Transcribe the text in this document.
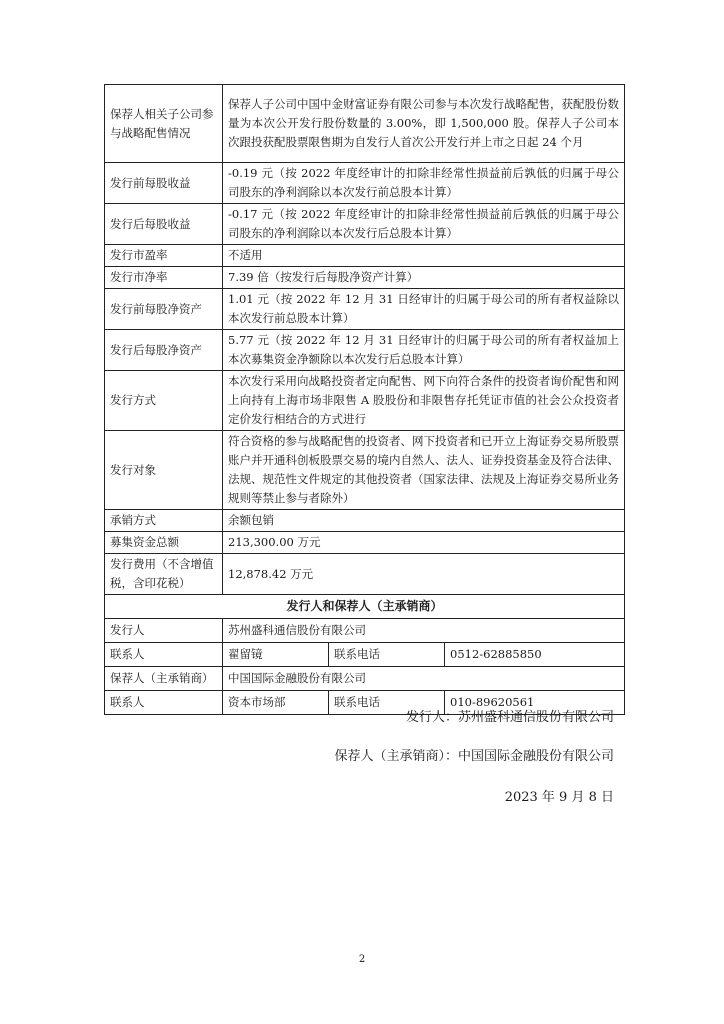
保荐人相关子公司参与战略配售情况	保荐人子公司中国中金财富证券有限公司参与本次发行战略配售，获配股份数量为本次公开发行股份数量的 3.00%，即 1,500,000 股。保荐人子公司本次跟投获配股票限售期为自发行人首次公开发行并上市之日起 24 个月		
发行前每股收益	-0.19 元（按 2022 年度经审计的扣除非经常性损益前后孰低的归属于母公司股东的净利润除以本次发行前总股本计算）		
发行后每股收益	-0.17 元（按 2022 年度经审计的扣除非经常性损益前后孰低的归属于母公司股东的净利润除以本次发行后总股本计算）		
发行市盈率	不适用		
发行市净率	7.39 倍（按发行后每股净资产计算）		
发行前每股净资产	1.01 元（按 2022 年 12 月 31 日经审计的归属于母公司的所有者权益除以本次发行前总股本计算）		
发行后每股净资产	5.77 元（按 2022 年 12 月 31 日经审计的归属于母公司的所有者权益加上本次募集资金净额除以本次发行后总股本计算）		
发行方式	本次发行采用向战略投资者定向配售、网下向符合条件的投资者询价配售和网上向持有上海市场非限售 A 股股份和非限售存托凭证市值的社会公众投资者定价发行相结合的方式进行		
发行对象	符合资格的参与战略配售的投资者、网下投资者和已开立上海证券交易所股票账户并开通科创板股票交易的境内自然人、法人、证券投资基金及符合法律、法规、规范性文件规定的其他投资者（国家法律、法规及上海证券交易所业务规则等禁止参与者除外）		
承销方式	余额包销		
募集资金总额	213,300.00 万元		
发行费用（不含增值税，含印花税）	12,878.42 万元		
发行人和保荐人（主承销商）			
发行人	苏州盛科通信股份有限公司		
联系人	翟留镜	联系电话	0512-62885850
保荐人（主承销商）	中国国际金融股份有限公司		
联系人	资本市场部	联系电话	010-89620561
发行人：苏州盛科通信股份有限公司
保荐人（主承销商）：中国国际金融股份有限公司
2023 年 9 月 8 日
2
